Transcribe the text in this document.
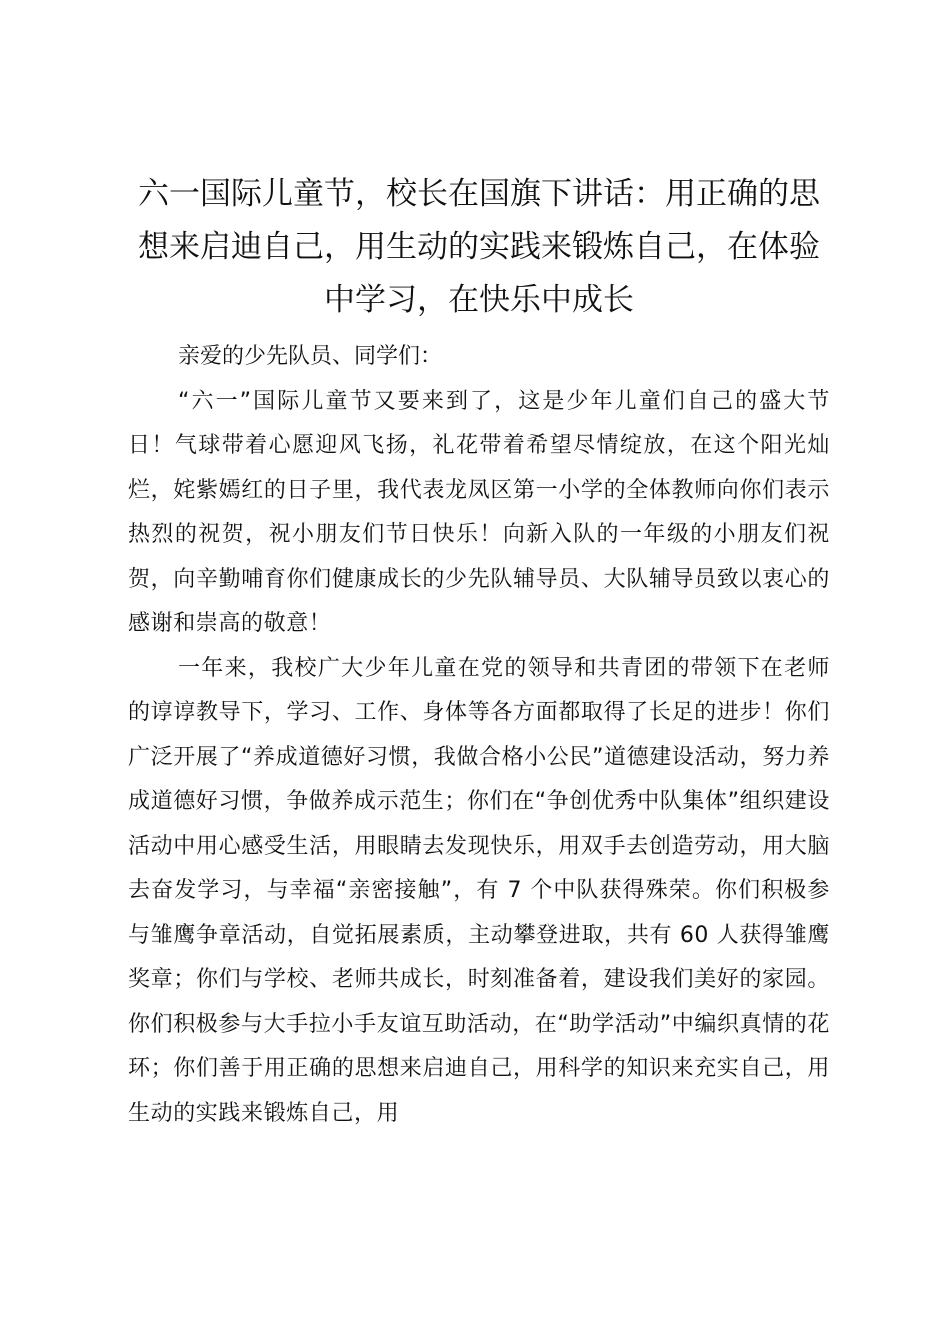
六一国际儿童节，校长在国旗下讲话：用正确的思想来启迪自己，用生动的实践来锻炼自己，在体验中学习，在快乐中成长

亲爱的少先队员、同学们：

“六一”国际儿童节又要来到了，这是少年儿童们自己的盛大节日！气球带着心愿迎风飞扬，礼花带着希望尽情绽放，在这个阳光灿烂，姹紫嫣红的日子里，我代表龙凤区第一小学的全体教师向你们表示热烈的祝贺，祝小朋友们节日快乐！向新入队的一年级的小朋友们祝贺，向辛勤哺育你们健康成长的少先队辅导员、大队辅导员致以衷心的感谢和崇高的敬意！

一年来，我校广大少年儿童在党的领导和共青团的带领下在老师的谆谆教导下，学习、工作、身体等各方面都取得了长足的进步！你们广泛开展了“养成道德好习惯，我做合格小公民”道德建设活动，努力养成道德好习惯，争做养成示范生；你们在“争创优秀中队集体”组织建设活动中用心感受生活，用眼睛去发现快乐，用双手去创造劳动，用大脑去奋发学习，与幸福“亲密接触”，有 7 个中队获得殊荣。你们积极参与雏鹰争章活动，自觉拓展素质，主动攀登进取，共有 60 人获得雏鹰奖章；你们与学校、老师共成长，时刻准备着，建设我们美好的家园。你们积极参与大手拉小手友谊互助活动，在“助学活动”中编织真情的花环；你们善于用正确的思想来启迪自己，用科学的知识来充实自己，用生动的实践来锻炼自己，用
